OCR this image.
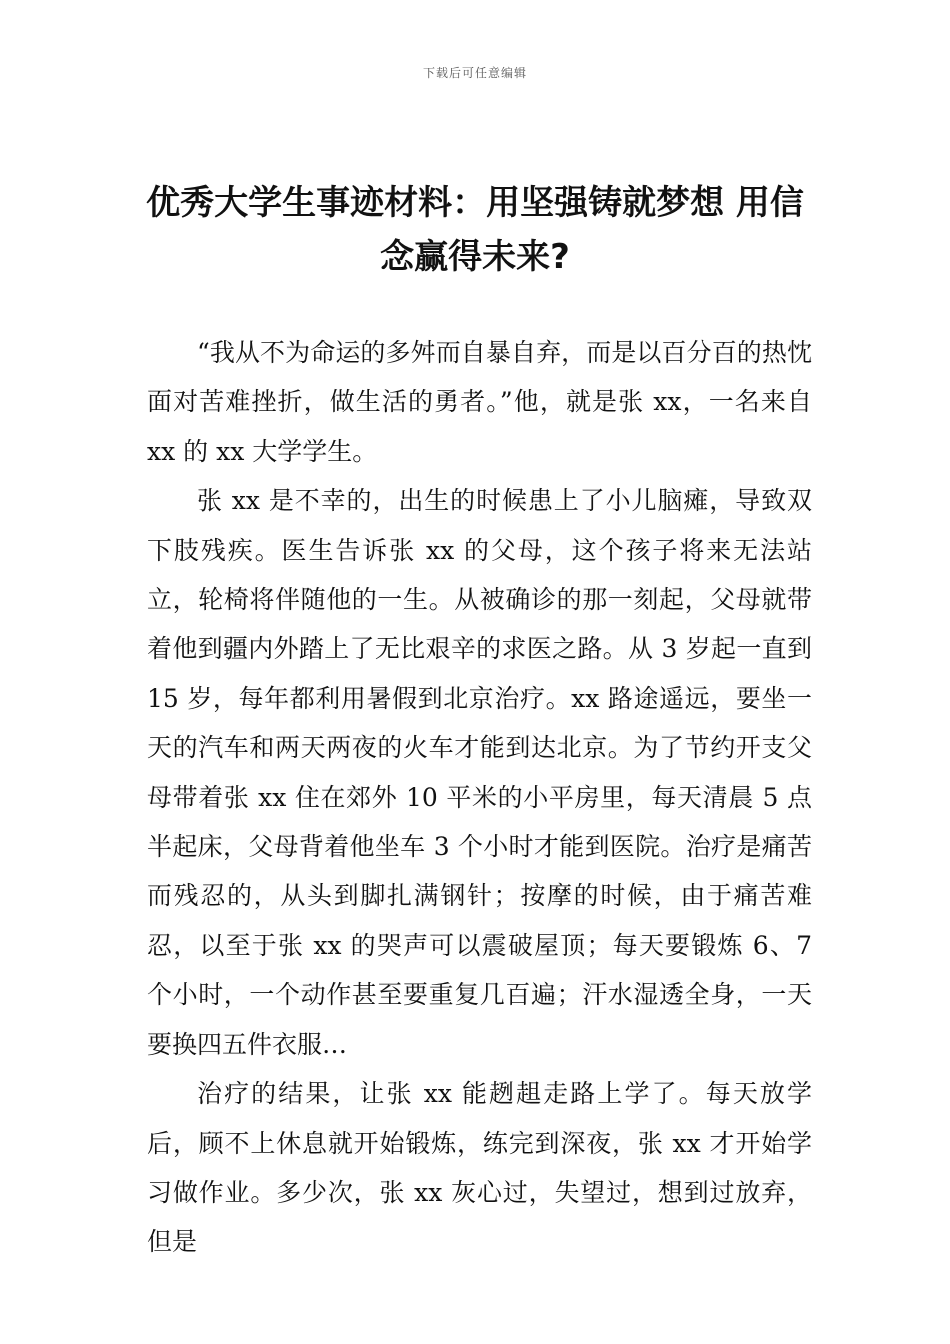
下载后可任意编辑
优秀大学生事迹材料：用坚强铸就梦想 用信念赢得未来?

“我从不为命运的多舛而自暴自弃，而是以百分百的热忱面对苦难挫折，做生活的勇者。”他，就是张 xx，一名来自 xx 的 xx 大学学生。

张 xx 是不幸的，出生的时候患上了小儿脑瘫，导致双下肢残疾。医生告诉张 xx 的父母，这个孩子将来无法站立，轮椅将伴随他的一生。从被确诊的那一刻起，父母就带着他到疆内外踏上了无比艰辛的求医之路。从 3 岁起一直到 15 岁，每年都利用暑假到北京治疗。xx 路途遥远，要坐一天的汽车和两天两夜的火车才能到达北京。为了节约开支父母带着张 xx 住在郊外 10 平米的小平房里，每天清晨 5 点半起床，父母背着他坐车 3 个小时才能到医院。治疗是痛苦而残忍的，从头到脚扎满钢针；按摩的时候，由于痛苦难忍，以至于张 xx 的哭声可以震破屋顶；每天要锻炼 6、7 个小时，一个动作甚至要重复几百遍；汗水湿透全身，一天要换四五件衣服…

治疗的结果，让张 xx 能趔趄走路上学了。每天放学后，顾不上休息就开始锻炼，练完到深夜，张 xx 才开始学习做作业。多少次，张 xx 灰心过，失望过，想到过放弃，但是
